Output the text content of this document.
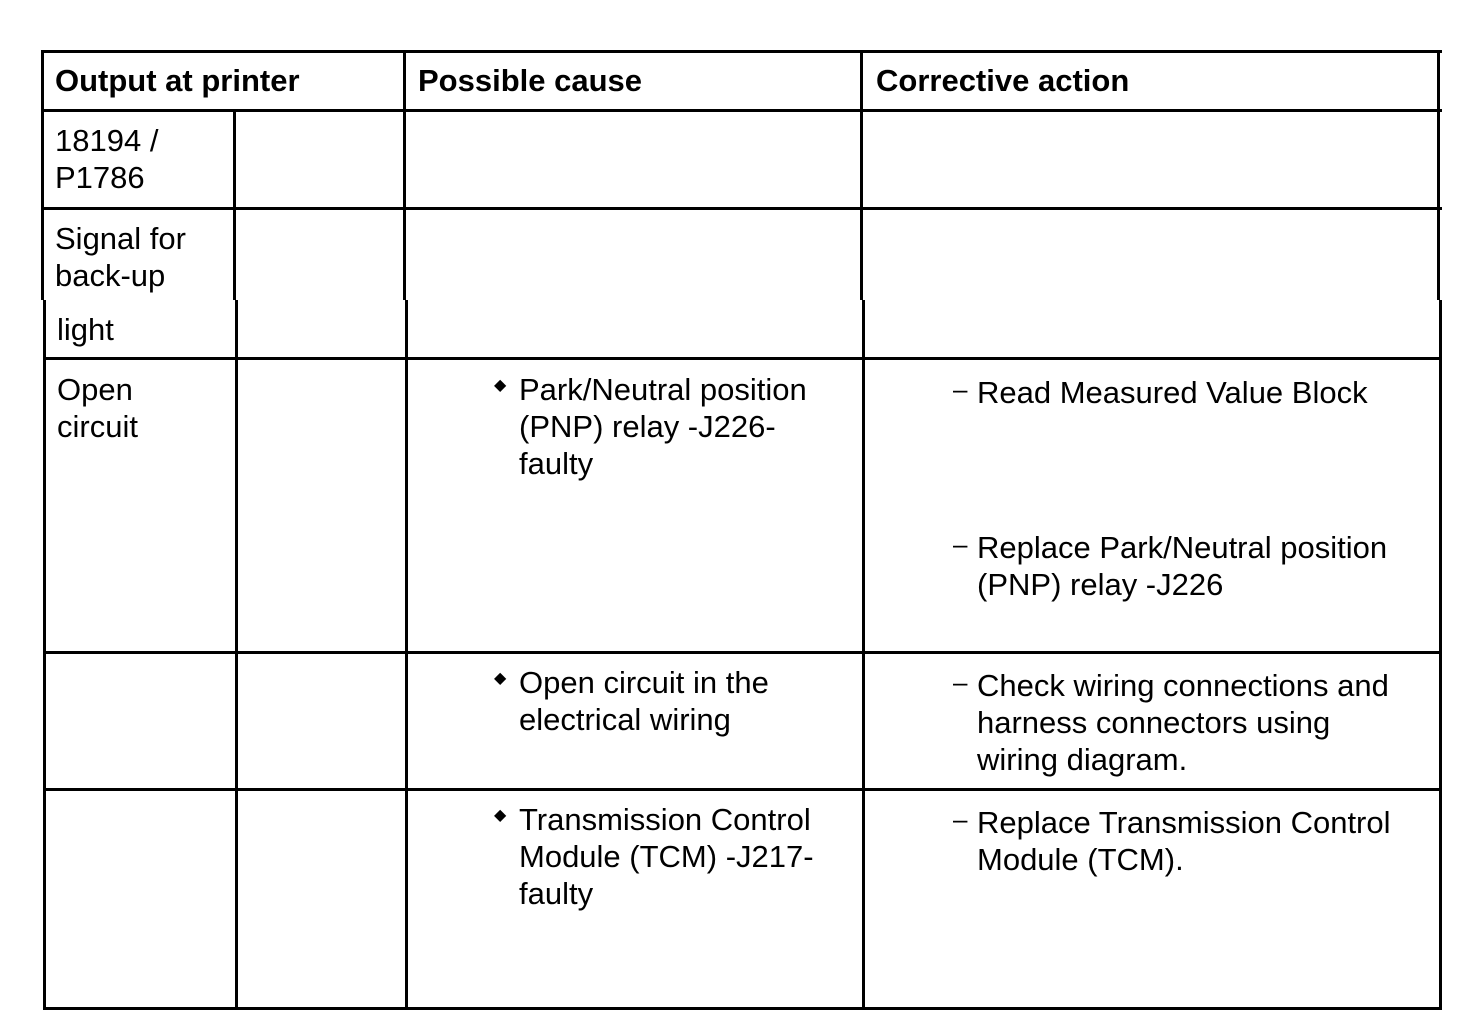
Output at printer	Possible cause	Corrective action
18194 /
P1786
Signal for
back-up
light
Open
circuit
◆ Park/Neutral position
(PNP) relay -J226-
faulty
◆ Open circuit in the
electrical wiring
◆ Transmission Control
Module (TCM) -J217-
faulty
– Read Measured Value Block
– Replace Park/Neutral position
(PNP) relay -J226
– Check wiring connections and
harness connectors using
wiring diagram.
– Replace Transmission Control
Module (TCM).
